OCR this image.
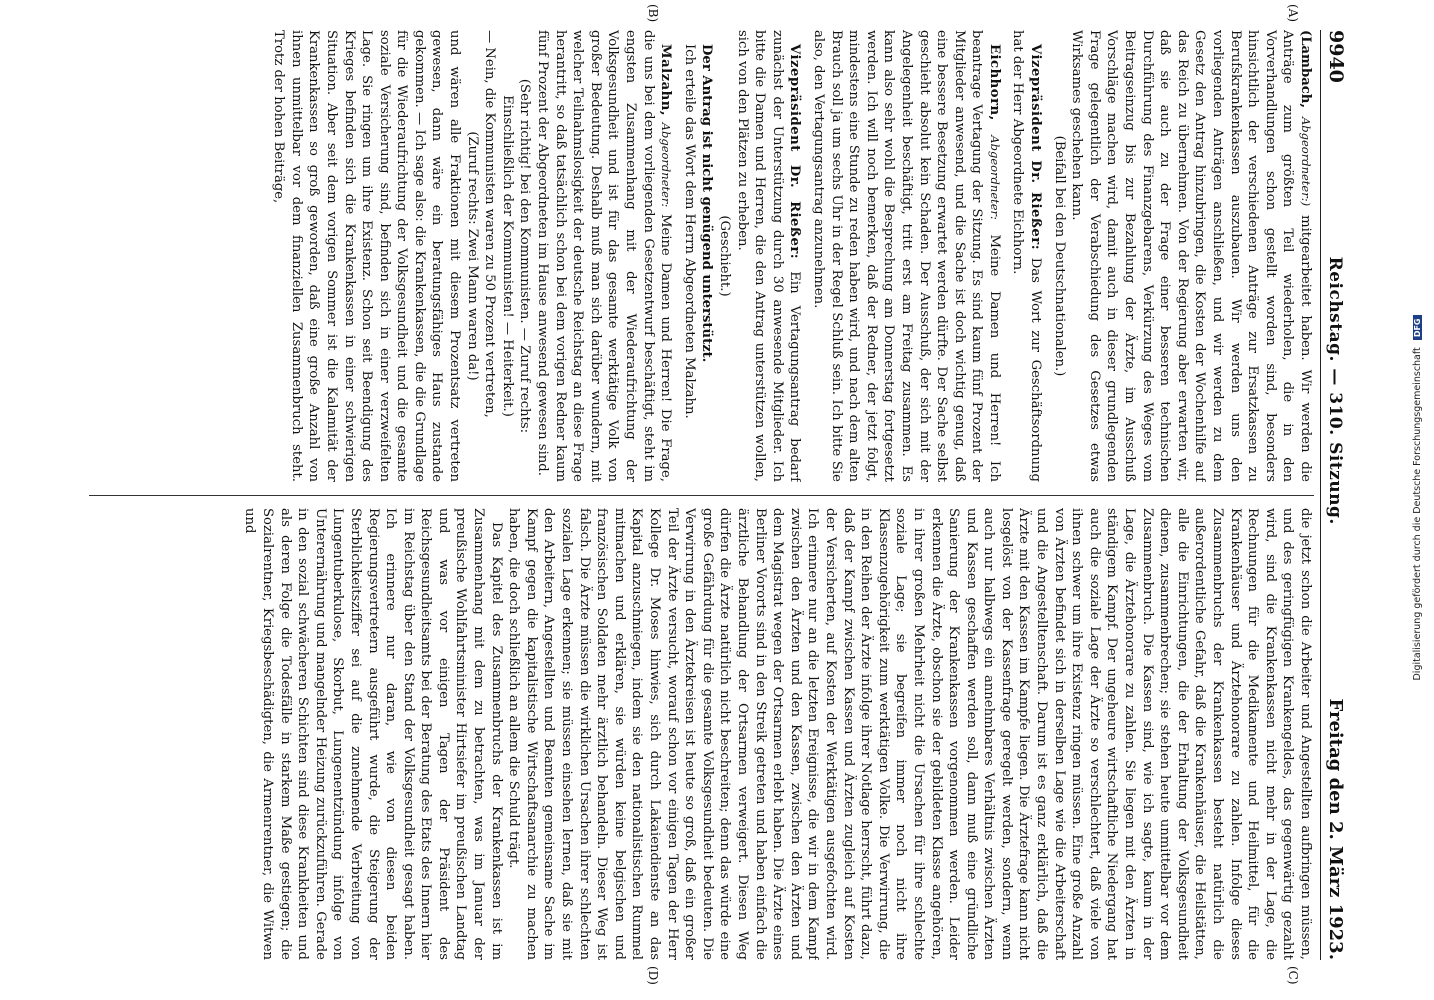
9940
Reichstag. — 310. Sitzung.
Freitag den 2. März 1923.

(Lambach, Abgeordneter:) mitgearbeitet haben. Wir werden die Anträge zum größten Teil wiederholen, die in den Vorverhandlungen schon gestellt worden sind, besonders hinsichtlich der verschiedenen Anträge zur Ersatzkassen zu Berufskrankenkassen auszubauen. Wir werden uns den vorliegenden Anträgen anschließen, und wir werden zu dem Gesetz den Antrag hinzubringen, die Kosten der Wochenhilfe auf das Reich zu übernehmen. Von der Regierung aber erwarten wir, daß sie auch zu der Frage einer besseren technischen Durchführung des Finanzgebarens, Verkürzung des Weges vom Beitragseinzug bis zur Bezahlung der Ärzte, im Ausschuß Vorschläge machen wird, damit auch in dieser grundlegenden Frage gelegentlich der Verabschiedung des Gesetzes etwas Wirksames geschehen kann.

(Beifall bei den Deutschnationalen.)

Vizepräsident Dr. Rießer: Das Wort zur Geschäftsordnung hat der Herr Abgeordnete Eichhorn.

Eichhorn, Abgeordneter: Meine Damen und Herren! Ich beantrage Vertagung der Sitzung. Es sind kaum fünf Prozent der Mitglieder anwesend, und die Sache ist doch wichtig genug, daß eine bessere Besetzung erwartet werden dürfte. Der Sache selbst geschieht absolut kein Schaden. Der Ausschuß, der sich mit der Angelegenheit beschäftigt, tritt erst am Freitag zusammen. Es kann also sehr wohl die Besprechung am Donnerstag fortgesetzt werden. Ich will noch bemerken, daß der Redner, der jetzt folgt, mindestens eine Stunde zu reden haben wird, und nach dem alten Brauch soll ja um sechs Uhr in der Regel Schluß sein. Ich bitte Sie also, den Vertagungsantrag anzunehmen.

Vizepräsident Dr. Rießer: Ein Vertagungsantrag bedarf zunächst der Unterstützung durch 30 anwesende Mitglieder. Ich bitte die Damen und Herren, die den Antrag unterstützen wollen, sich von den Plätzen zu erheben.

(Geschieht.)

Der Antrag ist nicht genügend unterstützt.

Ich erteile das Wort dem Herrn Abgeordneten Malzahn.

Malzahn, Abgeordneter: Meine Damen und Herren! Die Frage, die uns bei dem vorliegenden Gesetzentwurf beschäftigt, steht im engsten Zusammenhang mit der Wiederaufrichtung der Volksgesundheit und ist für das gesamte werktätige Volk von großer Bedeutung. Deshalb muß man sich darüber wundern, mit welcher Teilnahmslosigkeit der deutsche Reichstag an diese Frage herantritt, so daß tatsächlich schon bei dem vorigen Redner kaum fünf Prozent der Abgeordneten im Hause anwesend gewesen sind.

(Sehr richtig! bei den Kommunisten. — Zuruf rechts: Einschließlich der Kommunisten! — Heiterkeit.)

— Nein, die Kommunisten waren zu 50 Prozent vertreten,

(Zuruf rechts: Zwei Mann waren da!)

und wären alle Fraktionen mit diesem Prozentsatz vertreten gewesen, dann wäre ein beratungsfähiges Haus zustande gekommen. — Ich sage also: die Krankenkassen, die die Grundlage für die Wiederaufrichtung der Volksgesundheit und die gesamte soziale Versicherung sind, befinden sich in einer verzweifelten Lage. Sie ringen um ihre Existenz. Schon seit Beendigung des Krieges befinden sich die Krankenkassen in einer schwierigen Situation. Aber seit dem vorigen Sommer ist die Kalamität der Krankenkassen so groß geworden, daß eine große Anzahl von ihnen unmittelbar vor dem finanziellen Zusammenbruch steht. Trotz der hohen Beiträge,

die jetzt schon die Arbeiter und Angestellten aufbringen müssen, und des geringfügigen Krankengeldes, das gegenwärtig gezahlt wird, sind die Krankenkassen nicht mehr in der Lage, die Rechnungen für die Medikamente und Heilmittel, für die Krankenhäuser und Ärztehonorare zu zahlen. Infolge dieses Zusammenbruchs der Krankenkassen besteht natürlich die außerordentliche Gefahr, daß die Krankenhäuser, die Heilstätten, alle die Einrichtungen, die der Erhaltung der Volksgesundheit dienen, zusammenbrechen; sie stehen heute unmittelbar vor dem Zusammenbruch. Die Kassen sind, wie ich sagte, kaum in der Lage, die Ärztehonorare zu zahlen. Sie liegen mit den Ärzten in ständigem Kampf. Der ungeheure wirtschaftliche Niedergang hat auch die soziale Lage der Ärzte so verschlechtert, daß viele von ihnen schwer um ihre Existenz ringen müssen. Eine große Anzahl von Ärzten befindet sich in derselben Lage wie die Arbeiterschaft und die Angestelltenschaft. Darum ist es ganz erklärlich, daß die Ärzte mit den Kassen im Kampfe liegen. Die Ärztefrage kann nicht losgelöst von der Kassenfrage geregelt werden, sondern, wenn auch nur halbwegs ein annehmbares Verhältnis zwischen Ärzten und Kassen geschaffen werden soll, dann muß eine gründliche Sanierung der Krankenkassen vorgenommen werden. Leider erkennen die Ärzte, obschon sie der gebildeten Klasse angehören, in ihrer großen Mehrheit nicht die Ursachen für ihre schlechte soziale Lage; sie begreifen immer noch nicht ihre Klassenzugehörigkeit zum werktätigen Volke. Die Verwirrung, die in den Reihen der Ärzte infolge ihrer Notlage herrscht, führt dazu, daß der Kampf zwischen Kassen und Ärzten zugleich auf Kosten der Versicherten, auf Kosten der Werktätigen ausgefochten wird. Ich erinnere nur an die letzten Ereignisse, die wir in dem Kampf zwischen den Ärzten und den Kassen, zwischen den Ärzten und dem Magistrat wegen der Ortsarmen erlebt haben. Die Ärzte eines Berliner Vororts sind in den Streik getreten und haben einfach die ärztliche Behandlung der Ortsarmen verweigert. Diesen Weg dürfen die Ärzte natürlich nicht beschreiten; denn das würde eine große Gefährdung für die gesamte Volksgesundheit bedeuten. Die Verwirrung in den Ärztekreisen ist heute so groß, daß ein großer Teil der Ärzte versucht, worauf schon vor einigen Tagen der Herr Kollege Dr. Moses hinwies, sich durch Lakaiendienste an das Kapital anzuschmiegen, indem sie den nationalistischen Rummel mitmachen und erklären, sie würden keine belgischen und französischen Soldaten mehr ärztlich behandeln. Dieser Weg ist falsch. Die Ärzte müssen die wirklichen Ursachen ihrer schlechten sozialen Lage erkennen; sie müssen einsehen lernen, daß sie mit den Arbeitern, Angestellten und Beamten gemeinsame Sache im Kampf gegen die kapitalistische Wirtschaftsanarchie zu machen haben, die doch schließlich an allem die Schuld trägt.

Das Kapitel des Zusammenbruchs der Krankenkassen ist im Zusammenhang mit dem zu betrachten, was im Januar der preußische Wohlfahrtsminister Hirtsiefer im preußischen Landtag und was vor einigen Tagen der Präsident des Reichsgesundheitsamts bei der Beratung des Etats des Innern hier im Reichstag über den Stand der Volksgesundheit gesagt haben. Ich erinnere nur daran, wie von diesen beiden Regierungsvertretern ausgeführt wurde, die Steigerung der Sterblichkeitsziffer sei auf die zunehmende Verbreitung von Lungentuberkulose, Skorbut, Lungenentzündung infolge von Unterernährung und mangelnder Heizung zurückzuführen. Gerade in den sozial schwächeren Schichten sind diese Krankheiten und als deren Folge die Todesfälle in starkem Maße gestiegen; die Sozialrentner, Kriegsbeschädigten, die Armenrentner, die Witwen und

(A)
(B)
(C)
(D)
Digitalisierung gefördert durch die Deutsche Forschungsgemeinschaft DFG
